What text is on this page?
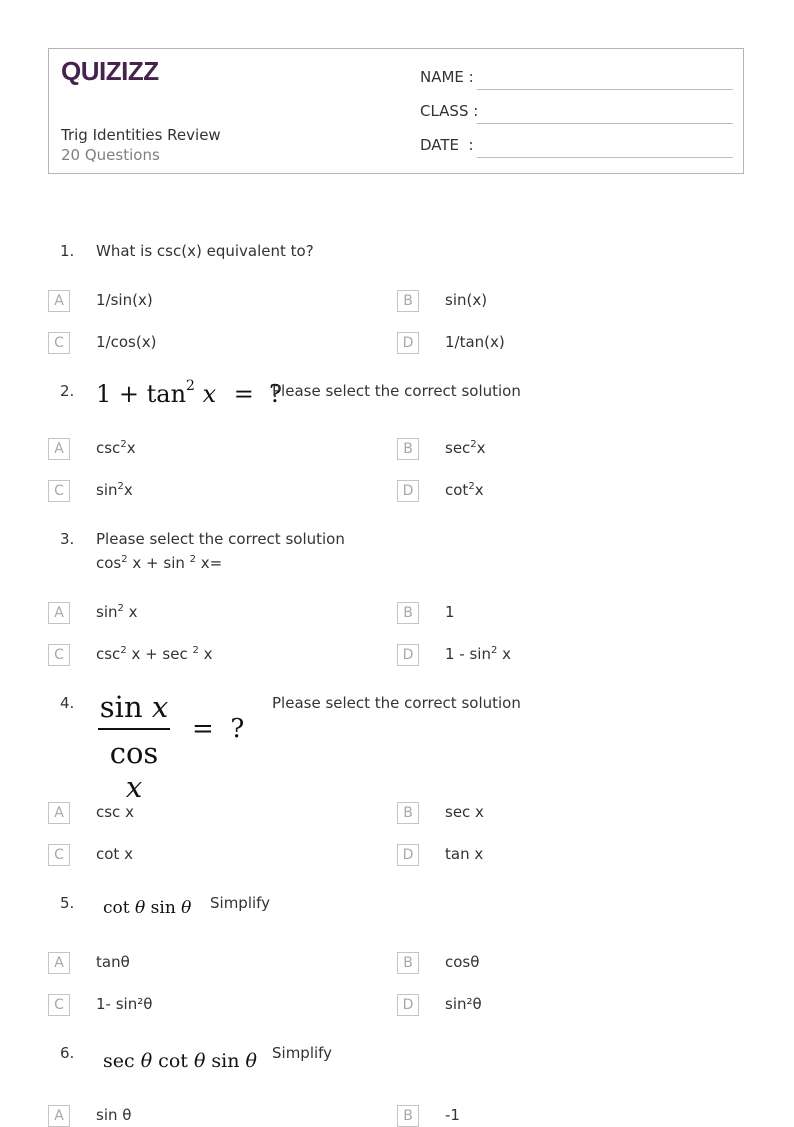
QUIZIZZ
Trig Identities Review
20 Questions
NAME :
CLASS :
DATE  :
1. What is csc(x) equivalent to?
A	1/sin(x)	B	sin(x)
C	1/cos(x)	D	1/tan(x)
2. $1 + \tan^2 x$ =  ?
Please select the correct solution
A	$\csc^2x$	B	$\sec^2x$
C	$\sin^2x$	D	$\cot^2x$
3. Please select the correct solution
$\cos^2 x + \sin ^2$ x=
A	$\sin^2 x$	B	1
C	$\csc^2 x + \sec ^2$ x	D	$1 - \sin^2 x$
4. sin x
cos x
=  ?
Please select the correct solution
A	csc x	B	sec x
C	cot x	D	tan x
5. cot θ sin θ Simplify
A	tanθ	B	cosθ
C	1- sin²θ	D	sin²θ
6. sec θ cot θ sin θ Simplify
A	sin θ	B	-1
